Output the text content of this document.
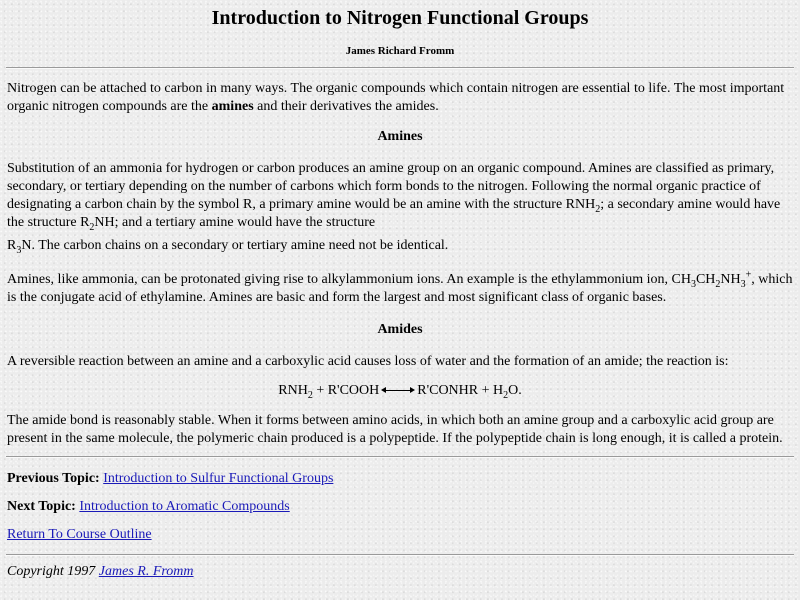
Introduction to Nitrogen Functional Groups
James Richard Fromm

Nitrogen can be attached to carbon in many ways. The organic compounds which contain nitrogen are essential to life. The most important organic nitrogen compounds are the amines and their derivatives the amides.

Amines

Substitution of an ammonia for hydrogen or carbon produces an amine group on an organic compound. Amines are classified as primary, secondary, or tertiary depending on the number of carbons which form bonds to the nitrogen. Following the normal organic practice of designating a carbon chain by the symbol R, a primary amine would be an amine with the structure $RNH_2$; a secondary amine would have the structure $R_2NH$; and a tertiary amine would have the structure

$R_3N$. The carbon chains on a secondary or tertiary amine need not be identical.

Amines, like ammonia, can be protonated giving rise to alkylammonium ions. An example is the ethylammonium ion, $CH_3CH_2NH_3^+$, which is the conjugate acid of ethylamine. Amines are basic and form the largest and most significant class of organic bases.

Amides

A reversible reaction between an amine and a carboxylic acid causes loss of water and the formation of an amide; the reaction is:

$RNH_2$ + R'COOH	R'CONHR + $H_2O$.

The amide bond is reasonably stable. When it forms between amino acids, in which both an amine group and a carboxylic acid group are present in the same molecule, the polymeric chain produced is a polypeptide. If the polypeptide chain is long enough, it is called a protein.

Previous Topic: Introduction to Sulfur Functional Groups

Next Topic: Introduction to Aromatic Compounds

Return To Course Outline

Copyright 1997 James R. Fromm
